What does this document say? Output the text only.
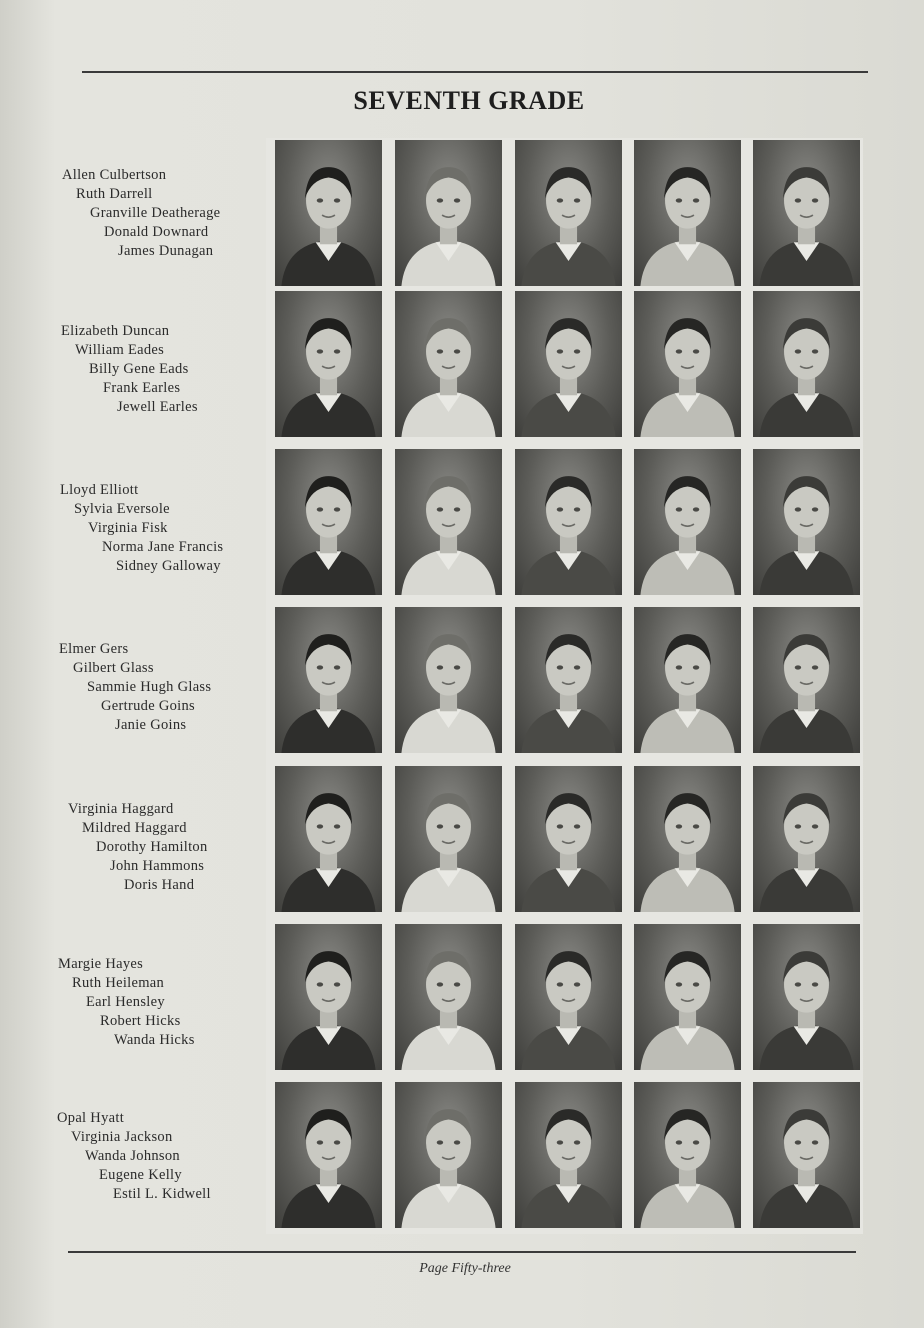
SEVENTH GRADE
Allen Culbertson
Ruth Darrell
Granville Deatherage
Donald Downard
James Dunagan
Elizabeth Duncan
William Eades
Billy Gene Eads
Frank Earles
Jewell Earles
Lloyd Elliott
Sylvia Eversole
Virginia Fisk
Norma Jane Francis
Sidney Galloway
Elmer Gers
Gilbert Glass
Sammie Hugh Glass
Gertrude Goins
Janie Goins
Virginia Haggard
Mildred Haggard
Dorothy Hamilton
John Hammons
Doris Hand
Margie Hayes
Ruth Heileman
Earl Hensley
Robert Hicks
Wanda Hicks
Opal Hyatt
Virginia Jackson
Wanda Johnson
Eugene Kelly
Estil L. Kidwell
Page Fifty-three
